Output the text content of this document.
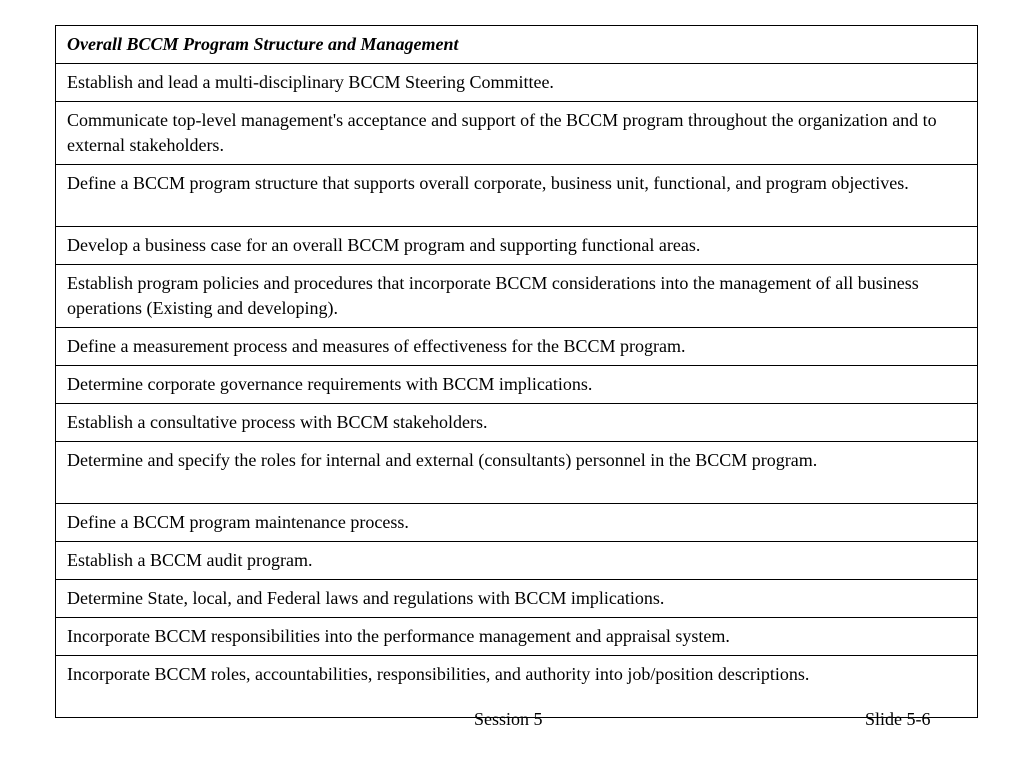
Overall BCCM Program Structure and Management
Establish and lead a multi-disciplinary BCCM Steering Committee.
Communicate top-level management's acceptance and support of the BCCM program throughout the organization and to external stakeholders.
Define a BCCM program structure that supports overall corporate, business unit, functional, and program objectives.
Develop a business case for an overall BCCM program and supporting functional areas.
Establish program policies and procedures that incorporate BCCM considerations into the management of all business operations (Existing and developing).
Define a measurement process and measures of effectiveness for the BCCM program.
Determine corporate governance requirements with BCCM implications.
Establish a consultative process with BCCM stakeholders.
Determine and specify the roles for internal and external (consultants) personnel in the BCCM program.
Define a BCCM program maintenance process.
Establish a BCCM audit program.
Determine State, local, and Federal laws and regulations with BCCM implications.
Incorporate BCCM responsibilities into the performance management and appraisal system.
Incorporate BCCM roles, accountabilities, responsibilities, and authority into job/position descriptions.
Session 5	Slide 5-6
